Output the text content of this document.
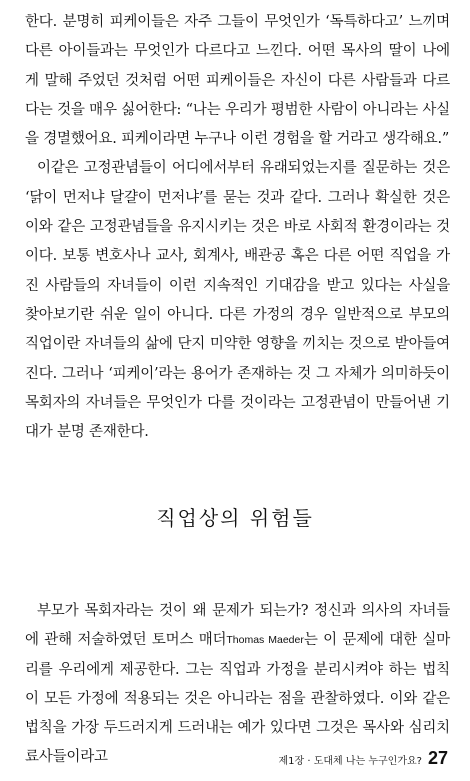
한다. 분명히 피케이들은 자주 그들이 무엇인가 ‘독특하다고’ 느끼며 다른 아이들과는 무엇인가 다르다고 느낀다. 어떤 목사의 딸이 나에게 말해 주었던 것처럼 어떤 피케이들은 자신이 다른 사람들과 다르다는 것을 매우 싫어한다: “나는 우리가 평범한 사람이 아니라는 사실을 경멸했어요. 피케이라면 누구나 이런 경험을 할 거라고 생각해요.”

이같은 고정관념들이 어디에서부터 유래되었는지를 질문하는 것은 ‘닭이 먼저냐 달걀이 먼저냐’를 묻는 것과 같다. 그러나 확실한 것은 이와 같은 고정관념들을 유지시키는 것은 바로 사회적 환경이라는 것이다. 보통 변호사나 교사, 회계사, 배관공 혹은 다른 어떤 직업을 가진 사람들의 자녀들이 이런 지속적인 기대감을 받고 있다는 사실을 찾아보기란 쉬운 일이 아니다. 다른 가정의 경우 일반적으로 부모의 직업이란 자녀들의 삶에 단지 미약한 영향을 끼치는 것으로 받아들여진다. 그러나 ‘피케이’라는 용어가 존재하는 것 그 자체가 의미하듯이 목회자의 자녀들은 무엇인가 다를 것이라는 고정관념이 만들어낸 기대가 분명 존재한다.

직업상의 위험들

부모가 목회자라는 것이 왜 문제가 되는가? 정신과 의사의 자녀들에 관해 저술하였던 토머스 매더Thomas Maeder는 이 문제에 대한 실마리를 우리에게 제공한다. 그는 직업과 가정을 분리시켜야 하는 법칙이 모든 가정에 적용되는 것은 아니라는 점을 관찰하였다. 이와 같은 법칙을 가장 두드러지게 드러내는 예가 있다면 그것은 목사와 심리치료사들이라고	제1장 · 도대체 나는 누구인가요? 27
